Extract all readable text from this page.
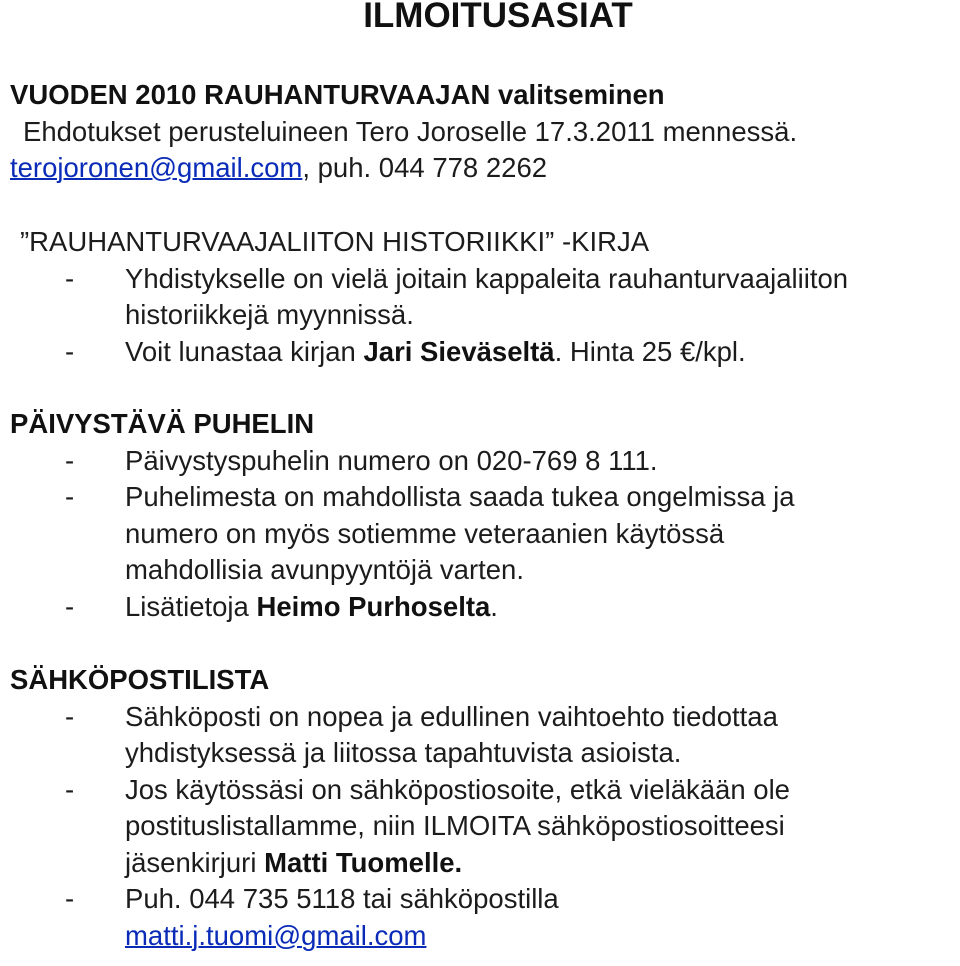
ILMOITUSASIAT
VUODEN 2010 RAUHANTURVAAJAN valitseminen
Ehdotukset perusteluineen Tero Joroselle 17.3.2011 mennessä.
terojoronen@gmail.com, puh. 044 778 2262
”RAUHANTURVAAJALIITON HISTORIIKKI” -KIRJA
- Yhdistykselle on vielä joitain kappaleita rauhanturvaajaliiton
historiikkejä myynnissä.
- Voit lunastaa kirjan Jari Sieväseltä. Hinta 25 €/kpl.
PÄIVYSTÄVÄ PUHELIN
- Päivystyspuhelin numero on 020-769 8 111.
- Puhelimesta on mahdollista saada tukea ongelmissa ja
numero on myös sotiemme veteraanien käytössä
mahdollisia avunpyyntöjä varten.
- Lisätietoja Heimo Purhoselta.
SÄHKÖPOSTILISTA
- Sähköposti on nopea ja edullinen vaihtoehto tiedottaa
yhdistyksessä ja liitossa tapahtuvista asioista.
- Jos käytössäsi on sähköpostiosoite, etkä vieläkään ole
postituslistallamme, niin ILMOITA sähköpostiosoitteesi
jäsenkirjuri Matti Tuomelle.
- Puh. 044 735 5118 tai sähköpostilla
matti.j.tuomi@gmail.com
